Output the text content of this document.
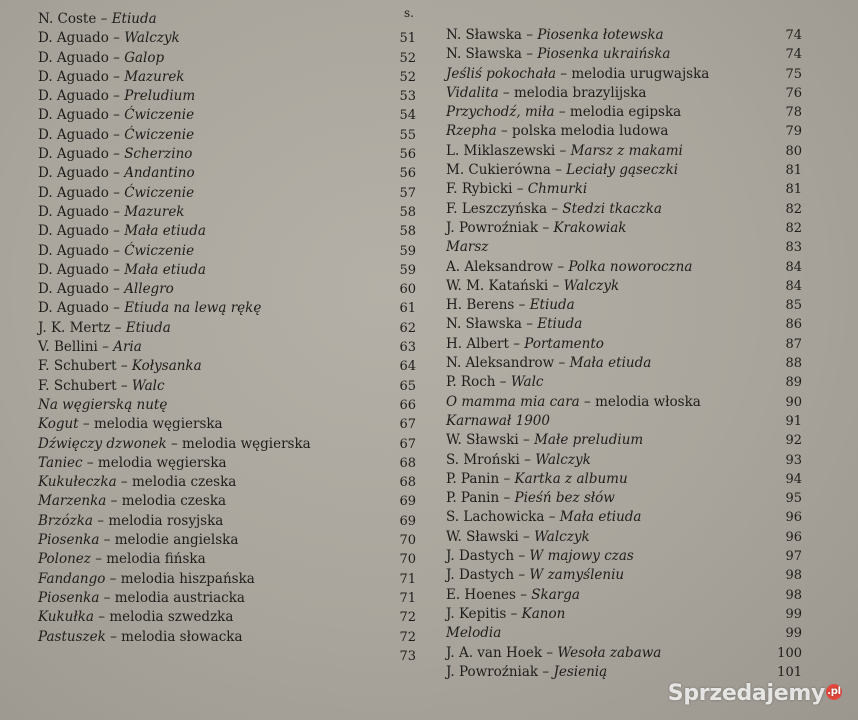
s.
N. Coste – Etiuda
D. Aguado – Walczyk	51
D. Aguado – Galop	52
D. Aguado – Mazurek	52
D. Aguado – Preludium	53
D. Aguado – Ćwiczenie	54
D. Aguado – Ćwiczenie	55
D. Aguado – Scherzino	56
D. Aguado – Andantino	56
D. Aguado – Ćwiczenie	57
D. Aguado – Mazurek	58
D. Aguado – Mała etiuda	58
D. Aguado – Ćwiczenie	59
D. Aguado – Mała etiuda	59
D. Aguado – Allegro	60
D. Aguado – Etiuda na lewą rękę	61
J. K. Mertz – Etiuda	62
V. Bellini – Aria	63
F. Schubert – Kołysanka	64
F. Schubert – Walc	65
Na węgierską nutę	66
Kogut – melodia węgierska	67
Dźwięczy dzwonek – melodia węgierska	67
Taniec – melodia węgierska	68
Kukułeczka – melodia czeska	68
Marzenka – melodia czeska	69
Brzózka – melodia rosyjska	69
Piosenka – melodie angielska	70
Polonez – melodia fińska	70
Fandango – melodia hiszpańska	71
Piosenka – melodia austriacka	71
Kukułka – melodia szwedzka	72
Pastuszek – melodia słowacka	72
73
N. Sławska – Piosenka łotewska	74
N. Sławska – Piosenka ukraińska	74
Jeśliś pokochała – melodia urugwajska	75
Vidalita – melodia brazylijska	76
Przychodź, miła – melodia egipska	78
Rzepha – polska melodia ludowa	79
L. Miklaszewski – Marsz z makami	80
M. Cukierówna – Leciały gąseczki	81
F. Rybicki – Chmurki	81
F. Leszczyńska – Stedzi tkaczka	82
J. Powroźniak – Krakowiak	82
Marsz	83
A. Aleksandrow – Polka noworoczna	84
W. M. Katański – Walczyk	84
H. Berens – Etiuda	85
N. Sławska – Etiuda	86
H. Albert – Portamento	87
N. Aleksandrow – Mała etiuda	88
P. Roch – Walc	89
O mamma mia cara – melodia włoska	90
Karnawał 1900	91
W. Sławski – Małe preludium	92
S. Mroński – Walczyk	93
P. Panin – Kartka z albumu	94
P. Panin – Pieśń bez słów	95
S. Lachowicka – Mała etiuda	96
W. Sławski – Walczyk	96
J. Dastych – W majowy czas	97
J. Dastych – W zamyśleniu	98
E. Hoenes – Skarga	98
J. Kepitis – Kanon	99
Melodia	99
J. A. van Hoek – Wesoła zabawa	100
J. Powroźniak – Jesienią	101
Sprzedajemy .pl
